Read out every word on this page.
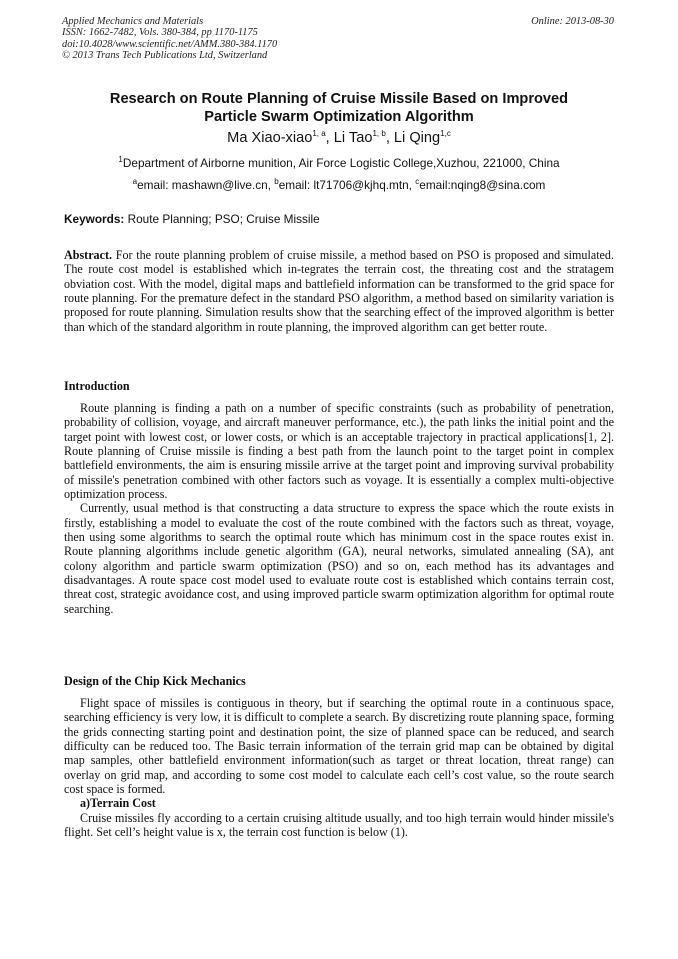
Applied Mechanics and Materials
ISSN: 1662-7482, Vols. 380-384, pp 1170-1175
doi:10.4028/www.scientific.net/AMM.380-384.1170
© 2013 Trans Tech Publications Ltd, Switzerland
Online: 2013-08-30
Research on Route Planning of Cruise Missile Based on Improved
Particle Swarm Optimization Algorithm
Ma Xiao-xiao$^{1, a}$, Li Tao$^{1, b}$, Li Qing$^{1,c}$
$^1$Department of Airborne munition, Air Force Logistic College,Xuzhou, 221000, China
$^a$email: mashawn@live.cn, $^b$email: lt71706@kjhq.mtn, $^c$email:nqing8@sina.com
Keywords: Route Planning; PSO; Cruise Missile

Abstract. For the route planning problem of cruise missile, a method based on PSO is proposed and simulated. The route cost model is established which in-tegrates the terrain cost, the threating cost and the stratagem obviation cost. With the model, digital maps and battlefield information can be transformed to the grid space for route planning. For the premature defect in the standard PSO algorithm, a method based on similarity variation is proposed for route planning. Simulation results show that the searching effect of the improved algorithm is better than which of the standard algorithm in route planning, the improved algorithm can get better route.

Introduction

Route planning is finding a path on a number of specific constraints (such as probability of penetration, probability of collision, voyage, and aircraft maneuver performance, etc.), the path links the initial point and the target point with lowest cost, or lower costs, or which is an acceptable trajectory in practical applications[1, 2]. Route planning of Cruise missile is finding a best path from the launch point to the target point in complex battlefield environments, the aim is ensuring missile arrive at the target point and improving survival probability of missile's penetration combined with other factors such as voyage. It is essentially a complex multi-objective optimization process.

Currently, usual method is that constructing a data structure to express the space which the route exists in firstly, establishing a model to evaluate the cost of the route combined with the factors such as threat, voyage, then using some algorithms to search the optimal route which has minimum cost in the space routes exist in. Route planning algorithms include genetic algorithm (GA), neural networks, simulated annealing (SA), ant colony algorithm and particle swarm optimization (PSO) and so on, each method has its advantages and disadvantages. A route space cost model used to evaluate route cost is established which contains terrain cost, threat cost, strategic avoidance cost, and using improved particle swarm optimization algorithm for optimal route searching.

Design of the Chip Kick Mechanics

Flight space of missiles is contiguous in theory, but if searching the optimal route in a continuous space, searching efficiency is very low, it is difficult to complete a search. By discretizing route planning space, forming the grids connecting starting point and destination point, the size of planned space can be reduced, and search difficulty can be reduced too. The Basic terrain information of the terrain grid map can be obtained by digital map samples, other battlefield environment information(such as target or threat location, threat range) can overlay on grid map, and according to some cost model to calculate each cell’s cost value, so the route search cost space is formed.

a)Terrain Cost

Cruise missiles fly according to a certain cruising altitude usually, and too high terrain would hinder missile's flight. Set cell’s height value is x, the terrain cost function is below (1).
